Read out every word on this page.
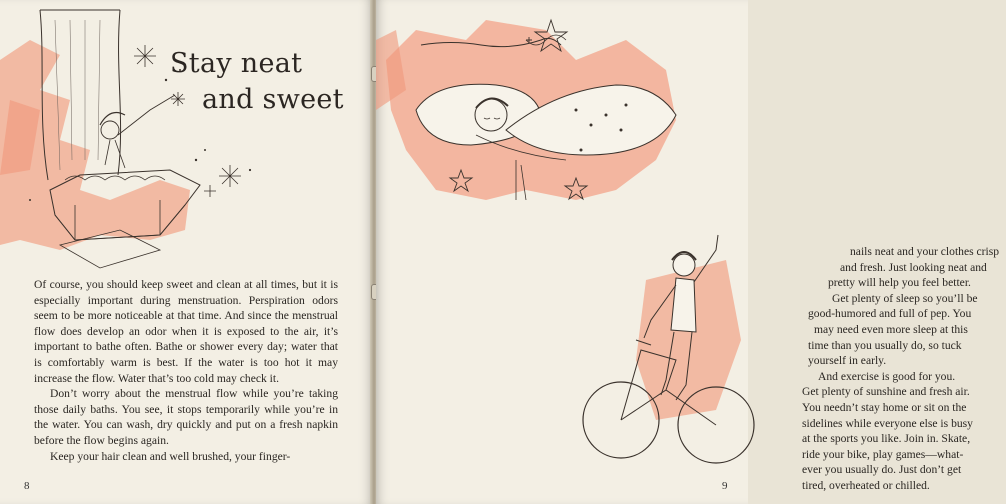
Stay neat
and sweet

Of course, you should keep sweet and clean at all times, but it is especially important during menstruation. Perspiration odors seem to be more noticeable at that time. And since the menstrual flow does develop an odor when it is exposed to the air, it’s important to bathe often. Bathe or shower every day; water that is comfortably warm is best. If the water is too hot it may increase the flow. Water that’s too cold may check it.

Don’t worry about the menstrual flow while you’re taking those daily baths. You see, it stops temporarily while you’re in the water. You can wash, dry quickly and put on a fresh napkin before the flow begins again.

Keep your hair clean and well brushed, your finger-

8
nails neat and your clothes crisp
and fresh. Just looking neat and
pretty will help you feel better.
Get plenty of sleep so you’ll be
good-humored and full of pep. You
may need even more sleep at this
time than you usually do, so tuck
yourself in early.
And exercise is good for you.
Get plenty of sunshine and fresh air.
You needn’t stay home or sit on the
sidelines while everyone else is busy
at the sports you like. Join in. Skate,
ride your bike, play games—what-
ever you usually do. Just don’t get
tired, overheated or chilled.
9
